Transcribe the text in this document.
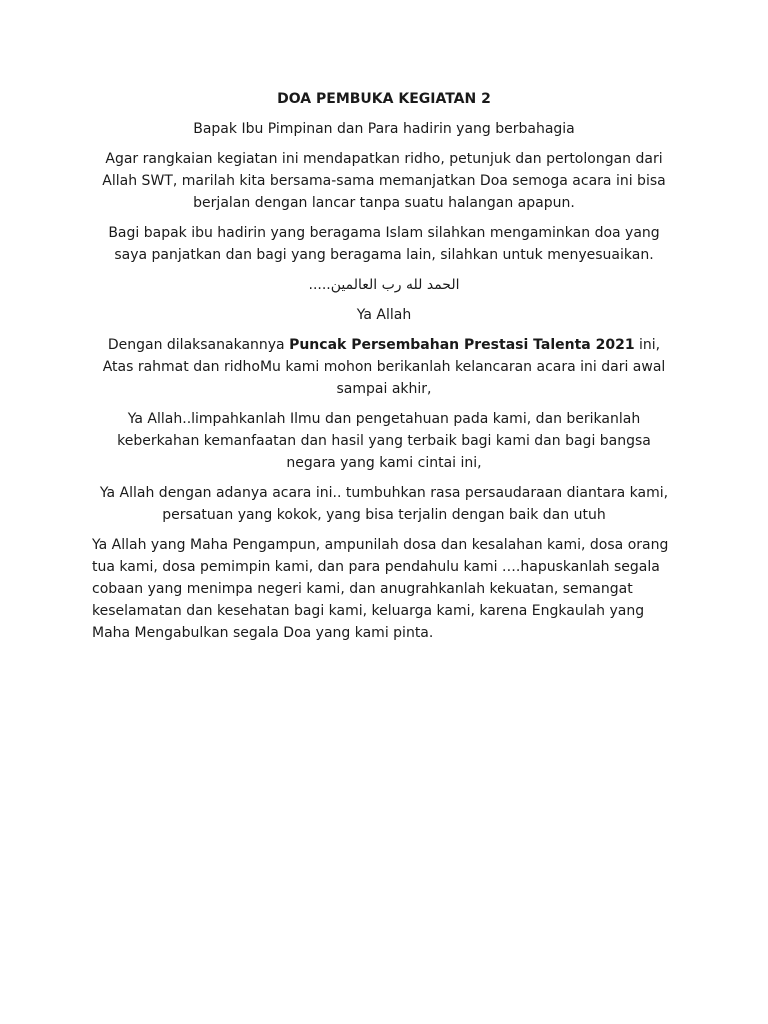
DOA PEMBUKA KEGIATAN 2

Bapak Ibu Pimpinan dan Para hadirin yang berbahagia

Agar rangkaian kegiatan ini mendapatkan ridho, petunjuk dan pertolongan dari Allah SWT, marilah kita bersama-sama memanjatkan Doa semoga acara ini bisa berjalan dengan lancar tanpa suatu halangan apapun.

Bagi bapak ibu hadirin yang beragama Islam silahkan mengaminkan doa yang saya panjatkan dan bagi yang beragama lain, silahkan untuk menyesuaikan.

الحمد لله رب العالمين.....

Ya Allah

Dengan dilaksanakannya Puncak Persembahan Prestasi Talenta 2021 ini, Atas rahmat dan ridhoMu kami mohon berikanlah kelancaran acara ini dari awal sampai akhir,

Ya Allah..limpahkanlah Ilmu dan pengetahuan pada kami, dan berikanlah keberkahan kemanfaatan dan hasil yang terbaik bagi kami dan bagi bangsa negara yang kami cintai ini,

Ya Allah dengan adanya acara ini.. tumbuhkan rasa persaudaraan diantara kami, persatuan yang kokok, yang bisa terjalin dengan baik dan utuh

Ya Allah yang Maha Pengampun, ampunilah dosa dan kesalahan kami, dosa orang tua kami, dosa pemimpin kami, dan para pendahulu kami ….hapuskanlah segala cobaan yang menimpa negeri kami, dan anugrahkanlah kekuatan, semangat keselamatan dan kesehatan bagi kami, keluarga kami, karena Engkaulah yang Maha Mengabulkan segala Doa yang kami pinta.
